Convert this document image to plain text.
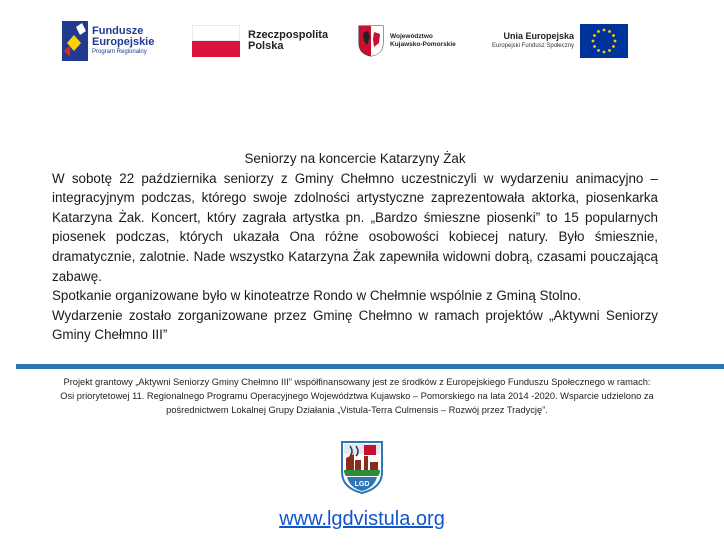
Fundusze
Europejskie
Program Regionalny
Rzeczpospolita
Polska
Województwo
Kujawsko-Pomorskie
Unia Europejska
Europejski Fundusz Społeczny
Seniorzy na koncercie Katarzyny Żak

W sobotę 22 października seniorzy z Gminy Chełmno uczestniczyli w wydarzeniu animacyjno – integracyjnym podczas, którego swoje zdolności artystyczne zaprezentowała aktorka, piosenkarka Katarzyna Żak. Koncert, który zagrała artystka pn. „Bardzo śmieszne piosenki” to 15 popularnych piosenek podczas, których ukazała Ona różne osobowości kobiecej natury. Było śmiesznie, dramatycznie, zalotnie. Nade wszystko Katarzyna Żak zapewniła widowni dobrą, czasami pouczającą zabawę.

Spotkanie organizowane było w kinoteatrze Rondo w Chełmnie wspólnie z Gminą Stolno.

Wydarzenie zostało zorganizowane przez Gminę Chełmno w ramach projektów „Aktywni Seniorzy Gminy Chełmno III”

Projekt grantowy „Aktywni Seniorzy Gminy Chełmno III” współfinansowany jest ze środków z Europejskiego Funduszu Społecznego w ramach: Osi priorytetowej 11. Regionalnego Programu Operacyjnego Województwa Kujawsko – Pomorskiego na lata 2014 -2020. Wsparcie udzielono za pośrednictwem Lokalnej Grupy Działania „Vistula-Terra Culmensis – Rozwój przez Tradycję”.
LGD
www.lgdvistula.org
